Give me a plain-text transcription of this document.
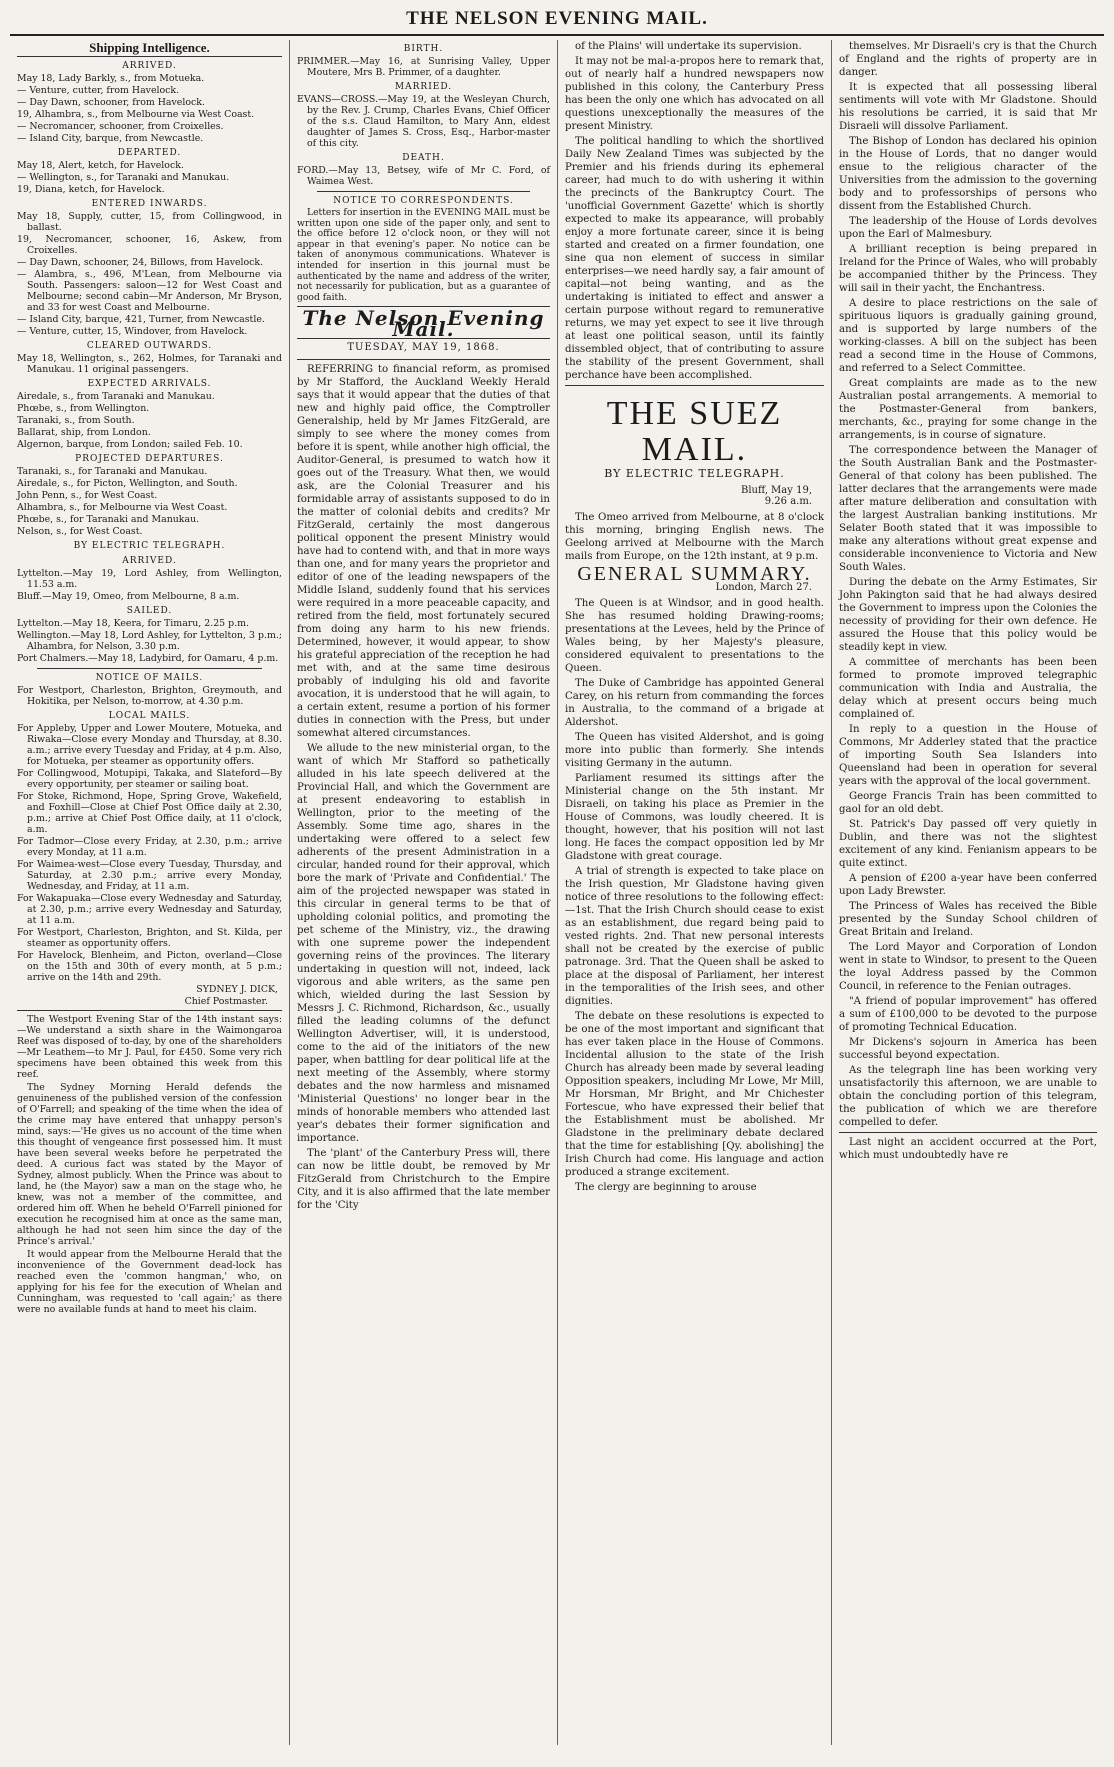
THE NELSON EVENING MAIL.
Shipping Intelligence.
ARRIVED.
May 18, Lady Barkly, s., from Motueka.
— Venture, cutter, from Havelock.
— Day Dawn, schooner, from Havelock.
19, Alhambra, s., from Melbourne via West Coast.
— Necromancer, schooner, from Croixelles.
— Island City, barque, from Newcastle.
DEPARTED.
May 18, Alert, ketch, for Havelock.
— Wellington, s., for Taranaki and Manukau.
19, Diana, ketch, for Havelock.
ENTERED INWARDS.
May 18, Supply, cutter, 15, from Collingwood, in ballast.
19, Necromancer, schooner, 16, Askew, from Croixelles.
— Day Dawn, schooner, 24, Billows, from Havelock.
— Alambra, s., 496, M'Lean, from Melbourne via South. Passengers: saloon—12 for West Coast and Melbourne; second cabin—Mr Anderson, Mr Bryson, and 33 for west Coast and Melbourne.
— Island City, barque, 421, Turner, from Newcastle.
— Venture, cutter, 15, Windover, from Havelock.
CLEARED OUTWARDS.
May 18, Wellington, s., 262, Holmes, for Taranaki and Manukau. 11 original passengers.
EXPECTED ARRIVALS.
Airedale, s., from Taranaki and Manukau.
Phœbe, s., from Wellington.
Taranaki, s., from South.
Ballarat, ship, from London.
Algernon, barque, from London; sailed Feb. 10.
PROJECTED DEPARTURES.
Taranaki, s., for Taranaki and Manukau.
Airedale, s., for Picton, Wellington, and South.
John Penn, s., for West Coast.
Alhambra, s., for Melbourne via West Coast.
Phœbe, s., for Taranaki and Manukau.
Nelson, s., for West Coast.
BY ELECTRIC TELEGRAPH.
ARRIVED.
Lyttelton.—May 19, Lord Ashley, from Wellington, 11.53 a.m.
Bluff.—May 19, Omeo, from Melbourne, 8 a.m.
SAILED.
Lyttelton.—May 18, Keera, for Timaru, 2.25 p.m.
Wellington.—May 18, Lord Ashley, for Lyttelton, 3 p.m.; Alhambra, for Nelson, 3.30 p.m.
Port Chalmers.—May 18, Ladybird, for Oamaru, 4 p.m.
NOTICE OF MAILS.
For Westport, Charleston, Brighton, Greymouth, and Hokitika, per Nelson, to-morrow, at 4.30 p.m.
LOCAL MAILS.
For Appleby, Upper and Lower Moutere, Motueka, and Riwaka—Close every Monday and Thursday, at 8.30. a.m.; arrive every Tuesday and Friday, at 4 p.m. Also, for Motueka, per steamer as opportunity offers.
For Collingwood, Motupipi, Takaka, and Slateford—By every opportunity, per steamer or sailing boat.
For Stoke, Richmond, Hope, Spring Grove, Wakefield, and Foxhill—Close at Chief Post Office daily at 2.30, p.m.; arrive at Chief Post Office daily, at 11 o'clock, a.m.
For Tadmor—Close every Friday, at 2.30, p.m.; arrive every Monday, at 11 a.m.
For Waimea-west—Close every Tuesday, Thursday, and Saturday, at 2.30 p.m.; arrive every Monday, Wednesday, and Friday, at 11 a.m.
For Wakapuaka—Close every Wednesday and Saturday, at 2.30, p.m.; arrive every Wednesday and Saturday, at 11 a.m.
For Westport, Charleston, Brighton, and St. Kilda, per steamer as opportunity offers.
For Havelock, Blenheim, and Picton, overland—Close on the 15th and 30th of every month, at 5 p.m.; arrive on the 14th and 29th.
SYDNEY J. DICK,
Chief Postmaster.

The Westport Evening Star of the 14th instant says:—We understand a sixth share in the Waimongaroa Reef was disposed of to-day, by one of the shareholders—Mr Leathem—to Mr J. Paul, for £450. Some very rich specimens have been obtained this week from this reef.

The Sydney Morning Herald defends the genuineness of the published version of the confession of O'Farrell; and speaking of the time when the idea of the crime may have entered that unhappy person's mind, says:—'He gives us no account of the time when this thought of vengeance first possessed him. It must have been several weeks before he perpetrated the deed. A curious fact was stated by the Mayor of Sydney, almost publicly. When the Prince was about to land, he (the Mayor) saw a man on the stage who, he knew, was not a member of the committee, and ordered him off. When he beheld O'Farrell pinioned for execution he recognised him at once as the same man, although he had not seen him since the day of the Prince's arrival.'

It would appear from the Melbourne Herald that the inconvenience of the Government dead-lock has reached even the 'common hangman,' who, on applying for his fee for the execution of Whelan and Cunningham, was requested to 'call again;' as there were no available funds at hand to meet his claim.

BIRTH.
PRIMMER.—May 16, at Sunrising Valley, Upper Moutere, Mrs B. Primmer, of a daughter.
MARRIED.
EVANS—CROSS.—May 19, at the Wesleyan Church, by the Rev. J. Crump, Charles Evans, Chief Officer of the s.s. Claud Hamilton, to Mary Ann, eldest daughter of James S. Cross, Esq., Harbor-master of this city.
DEATH.
FORD.—May 13, Betsey, wife of Mr C. Ford, of Waimea West.
NOTICE TO CORRESPONDENTS.

Letters for insertion in the EVENING MAIL must be written upon one side of the paper only, and sent to the office before 12 o'clock noon, or they will not appear in that evening's paper. No notice can be taken of anonymous communications. Whatever is intended for insertion in this journal must be authenticated by the name and address of the writer, not necessarily for publication, but as a guarantee of good faith.

The Nelson Evening Mail.
TUESDAY, MAY 19, 1868.

REFERRING to financial reform, as promised by Mr Stafford, the Auckland Weekly Herald says that it would appear that the duties of that new and highly paid office, the Comptroller Generalship, held by Mr James FitzGerald, are simply to see where the money comes from before it is spent, while another high official, the Auditor-General, is presumed to watch how it goes out of the Treasury. What then, we would ask, are the Colonial Treasurer and his formidable array of assistants supposed to do in the matter of colonial debits and credits? Mr FitzGerald, certainly the most dangerous political opponent the present Ministry would have had to contend with, and that in more ways than one, and for many years the proprietor and editor of one of the leading newspapers of the Middle Island, suddenly found that his services were required in a more peaceable capacity, and retired from the field, most fortunately secured from doing any harm to his new friends. Determined, however, it would appear, to show his grateful appreciation of the reception he had met with, and at the same time desirous probably of indulging his old and favorite avocation, it is understood that he will again, to a certain extent, resume a portion of his former duties in connection with the Press, but under somewhat altered circumstances.

We allude to the new ministerial organ, to the want of which Mr Stafford so pathetically alluded in his late speech delivered at the Provincial Hall, and which the Government are at present endeavoring to establish in Wellington, prior to the meeting of the Assembly. Some time ago, shares in the undertaking were offered to a select few adherents of the present Administration in a circular, handed round for their approval, which bore the mark of 'Private and Confidential.' The aim of the projected newspaper was stated in this circular in general terms to be that of upholding colonial politics, and promoting the pet scheme of the Ministry, viz., the drawing with one supreme power the independent governing reins of the provinces. The literary undertaking in question will not, indeed, lack vigorous and able writers, as the same pen which, wielded during the last Session by Messrs J. C. Richmond, Richardson, &c., usually filled the leading columns of the defunct Wellington Advertiser, will, it is understood, come to the aid of the initiators of the new paper, when battling for dear political life at the next meeting of the Assembly, where stormy debates and the now harmless and misnamed 'Ministerial Questions' no longer bear in the minds of honorable members who attended last year's debates their former signification and importance.

The 'plant' of the Canterbury Press will, there can now be little doubt, be removed by Mr FitzGerald from Christchurch to the Empire City, and it is also affirmed that the late member for the 'City

of the Plains' will undertake its supervision.

It may not be mal-a-propos here to remark that, out of nearly half a hundred newspapers now published in this colony, the Canterbury Press has been the only one which has advocated on all questions unexceptionally the measures of the present Ministry.

The political handling to which the shortlived Daily New Zealand Times was subjected by the Premier and his friends during its ephemeral career, had much to do with ushering it within the precincts of the Bankruptcy Court. The 'unofficial Government Gazette' which is shortly expected to make its appearance, will probably enjoy a more fortunate career, since it is being started and created on a firmer foundation, one sine qua non element of success in similar enterprises—we need hardly say, a fair amount of capital—not being wanting, and as the undertaking is initiated to effect and answer a certain purpose without regard to remunerative returns, we may yet expect to see it live through at least one political season, until its faintly dissembled object, that of contributing to assure the stability of the present Government, shall perchance have been accomplished.

THE SUEZ MAIL.
BY ELECTRIC TELEGRAPH.
Bluff, May 19,
9.26 a.m.

The Omeo arrived from Melbourne, at 8 o'clock this morning, bringing English news. The Geelong arrived at Melbourne with the March mails from Europe, on the 12th instant, at 9 p.m.

GENERAL SUMMARY.
London, March 27.

The Queen is at Windsor, and in good health. She has resumed holding Drawing-rooms; presentations at the Levees, held by the Prince of Wales being, by her Majesty's pleasure, considered equivalent to presentations to the Queen.

The Duke of Cambridge has appointed General Carey, on his return from commanding the forces in Australia, to the command of a brigade at Aldershot.

The Queen has visited Aldershot, and is going more into public than formerly. She intends visiting Germany in the autumn.

Parliament resumed its sittings after the Ministerial change on the 5th instant. Mr Disraeli, on taking his place as Premier in the House of Commons, was loudly cheered. It is thought, however, that his position will not last long. He faces the compact opposition led by Mr Gladstone with great courage.

A trial of strength is expected to take place on the Irish question, Mr Gladstone having given notice of three resolutions to the following effect:—1st. That the Irish Church should cease to exist as an establishment, due regard being paid to vested rights. 2nd. That new personal interests shall not be created by the exercise of public patronage. 3rd. That the Queen shall be asked to place at the disposal of Parliament, her interest in the temporalities of the Irish sees, and other dignities.

The debate on these resolutions is expected to be one of the most important and significant that has ever taken place in the House of Commons. Incidental allusion to the state of the Irish Church has already been made by several leading Opposition speakers, including Mr Lowe, Mr Mill, Mr Horsman, Mr Bright, and Mr Chichester Fortescue, who have expressed their belief that the Establishment must be abolished. Mr Gladstone in the preliminary debate declared that the time for establishing [Qy. abolishing] the Irish Church had come. His language and action produced a strange excitement.

The clergy are beginning to arouse

themselves. Mr Disraeli's cry is that the Church of England and the rights of property are in danger.

It is expected that all possessing liberal sentiments will vote with Mr Gladstone. Should his resolutions be carried, it is said that Mr Disraeli will dissolve Parliament.

The Bishop of London has declared his opinion in the House of Lords, that no danger would ensue to the religious character of the Universities from the admission to the governing body and to professorships of persons who dissent from the Established Church.

The leadership of the House of Lords devolves upon the Earl of Malmesbury.

A brilliant reception is being prepared in Ireland for the Prince of Wales, who will probably be accompanied thither by the Princess. They will sail in their yacht, the Enchantress.

A desire to place restrictions on the sale of spirituous liquors is gradually gaining ground, and is supported by large numbers of the working-classes. A bill on the subject has been read a second time in the House of Commons, and referred to a Select Committee.

Great complaints are made as to the new Australian postal arrangements. A memorial to the Postmaster-General from bankers, merchants, &c., praying for some change in the arrangements, is in course of signature.

The correspondence between the Manager of the South Australian Bank and the Postmaster-General of that colony has been published. The latter declares that the arrangements were made after mature deliberation and consultation with the largest Australian banking institutions. Mr Selater Booth stated that it was impossible to make any alterations without great expense and considerable inconvenience to Victoria and New South Wales.

During the debate on the Army Estimates, Sir John Pakington said that he had always desired the Government to impress upon the Colonies the necessity of providing for their own defence. He assured the House that this policy would be steadily kept in view.

A committee of merchants has been been formed to promote improved telegraphic communication with India and Australia, the delay which at present occurs being much complained of.

In reply to a question in the House of Commons, Mr Adderley stated that the practice of importing South Sea Islanders into Queensland had been in operation for several years with the approval of the local government.

George Francis Train has been committed to gaol for an old debt.

St. Patrick's Day passed off very quietly in Dublin, and there was not the slightest excitement of any kind. Fenianism appears to be quite extinct.

A pension of £200 a-year have been conferred upon Lady Brewster.

The Princess of Wales has received the Bible presented by the Sunday School children of Great Britain and Ireland.

The Lord Mayor and Corporation of London went in state to Windsor, to present to the Queen the loyal Address passed by the Common Council, in reference to the Fenian outrages.

"A friend of popular improvement" has offered a sum of £100,000 to be devoted to the purpose of promoting Technical Education.

Mr Dickens's sojourn in America has been successful beyond expectation.

As the telegraph line has been working very unsatisfactorily this afternoon, we are unable to obtain the concluding portion of this telegram, the publication of which we are therefore compelled to defer.

Last night an accident occurred at the Port, which must undoubtedly have re
